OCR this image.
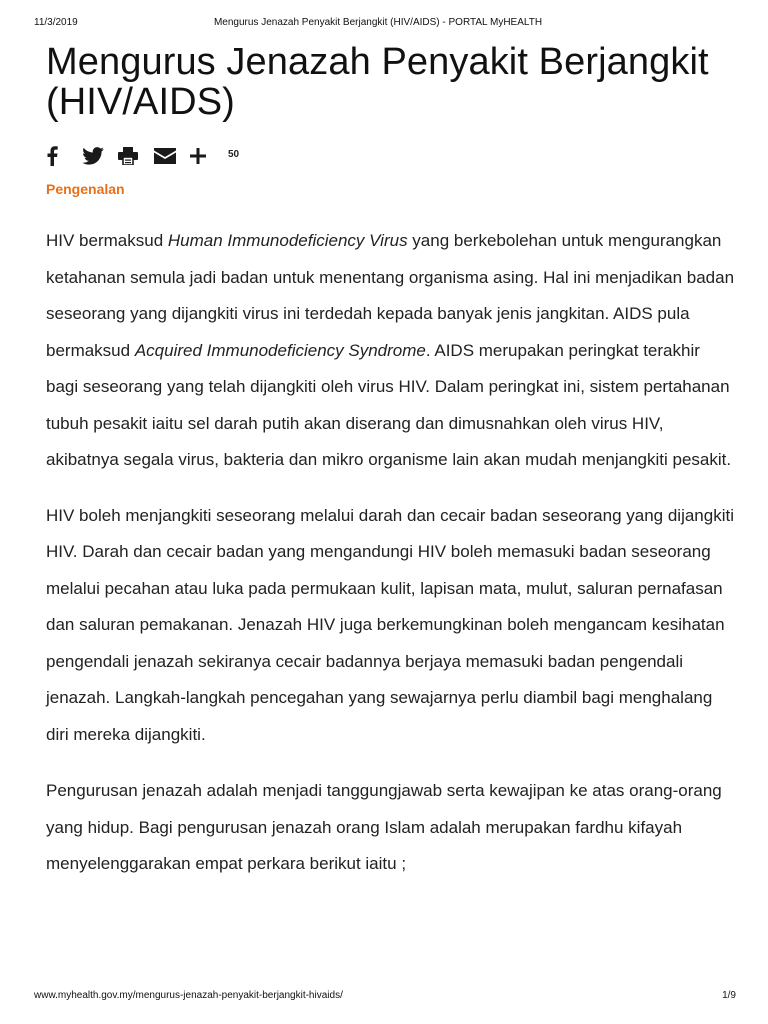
11/3/2019	Mengurus Jenazah Penyakit Berjangkit (HIV/AIDS) - PORTAL MyHEALTH
Mengurus Jenazah Penyakit Berjangkit (HIV/AIDS)
50
Pengenalan

HIV bermaksud Human Immunodeficiency Virus yang berkebolehan untuk mengurangkan ketahanan semula jadi badan untuk menentang organisma asing. Hal ini menjadikan badan seseorang yang dijangkiti virus ini terdedah kepada banyak jenis jangkitan. AIDS pula bermaksud Acquired Immunodeficiency Syndrome. AIDS merupakan peringkat terakhir bagi seseorang yang telah dijangkiti oleh virus HIV. Dalam peringkat ini, sistem pertahanan tubuh pesakit iaitu sel darah putih akan diserang dan dimusnahkan oleh virus HIV, akibatnya segala virus, bakteria dan mikro organisme lain akan mudah menjangkiti pesakit.

HIV boleh menjangkiti seseorang melalui darah dan cecair badan seseorang yang dijangkiti HIV. Darah dan cecair badan yang mengandungi HIV boleh memasuki badan seseorang melalui pecahan atau luka pada permukaan kulit, lapisan mata, mulut, saluran pernafasan dan saluran pemakanan. Jenazah HIV juga berkemungkinan boleh mengancam kesihatan pengendali jenazah sekiranya cecair badannya berjaya memasuki badan pengendali jenazah. Langkah-langkah pencegahan yang sewajarnya perlu diambil bagi menghalang diri mereka dijangkiti.

Pengurusan jenazah adalah menjadi tanggungjawab serta kewajipan ke atas orang-orang yang hidup. Bagi pengurusan jenazah orang Islam adalah merupakan fardhu kifayah menyelenggarakan empat perkara berikut iaitu ;

www.myhealth.gov.my/mengurus-jenazah-penyakit-berjangkit-hivaids/	1/9
